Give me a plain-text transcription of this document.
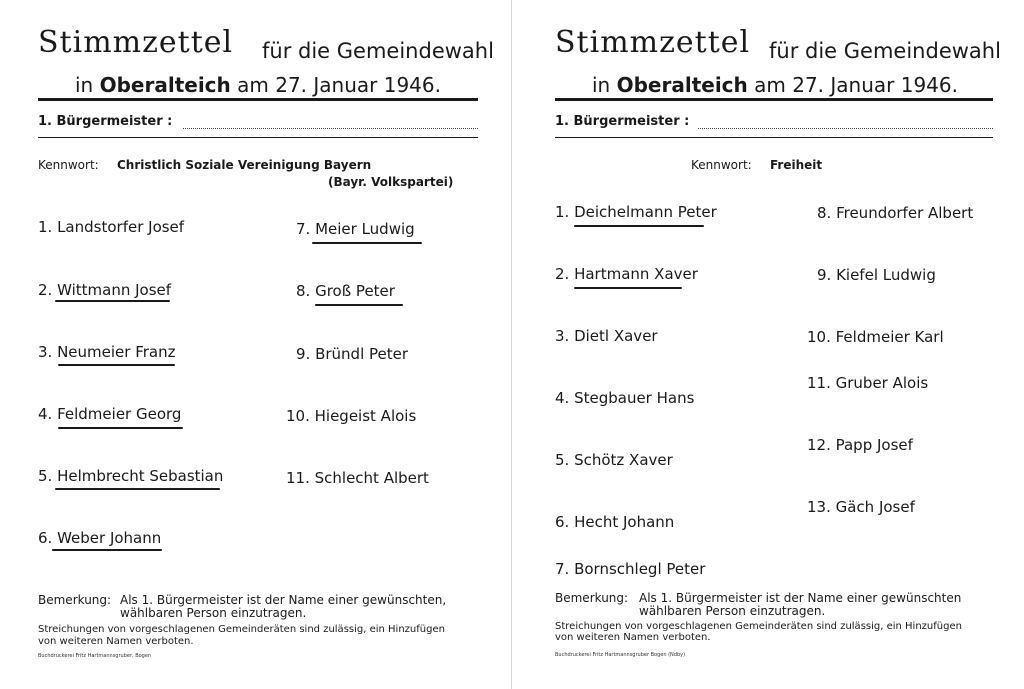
Stimmzettel für die Gemeindewahl
in Oberalteich am 27. Januar 1946.
1. Bürgermeister :
Kennwort: Christlich Soziale Vereinigung Bayern
(Bayr. Volkspartei)
1. Landstorfer Josef
2. Wittmann Josef
3. Neumeier Franz
4. Feldmeier Georg
5. Helmbrecht Sebastian
6. Weber Johann
7. Meier Ludwig
8. Groß Peter
9. Bründl Peter
10. Hiegeist Alois
11. Schlecht Albert
Bemerkung: Als 1. Bürgermeister ist der Name einer gewünschten,
wählbaren Person einzutragen.
Streichungen von vorgeschlagenen Gemeinderäten sind zulässig, ein Hinzufügen
von weiteren Namen verboten.
Buchdruckerei Fritz Hartmannsgruber, Bogen
Stimmzettel für die Gemeindewahl
in Oberalteich am 27. Januar 1946.
1. Bürgermeister :
Kennwort: Freiheit
1. Deichelmann Peter
2. Hartmann Xaver
3. Dietl Xaver
4. Stegbauer Hans
5. Schötz Xaver
6. Hecht Johann
7. Bornschlegl Peter
8. Freundorfer Albert
9. Kiefel Ludwig
10. Feldmeier Karl
11. Gruber Alois
12. Papp Josef
13. Gäch Josef
Bemerkung: Als 1. Bürgermeister ist der Name einer gewünschten
wählbaren Person einzutragen.
Streichungen von vorgeschlagenen Gemeinderäten sind zulässig, ein Hinzufügen
von weiteren Namen verboten.
Buchdruckerei Fritz Hartmannsgruber Bogen (Ndby)
